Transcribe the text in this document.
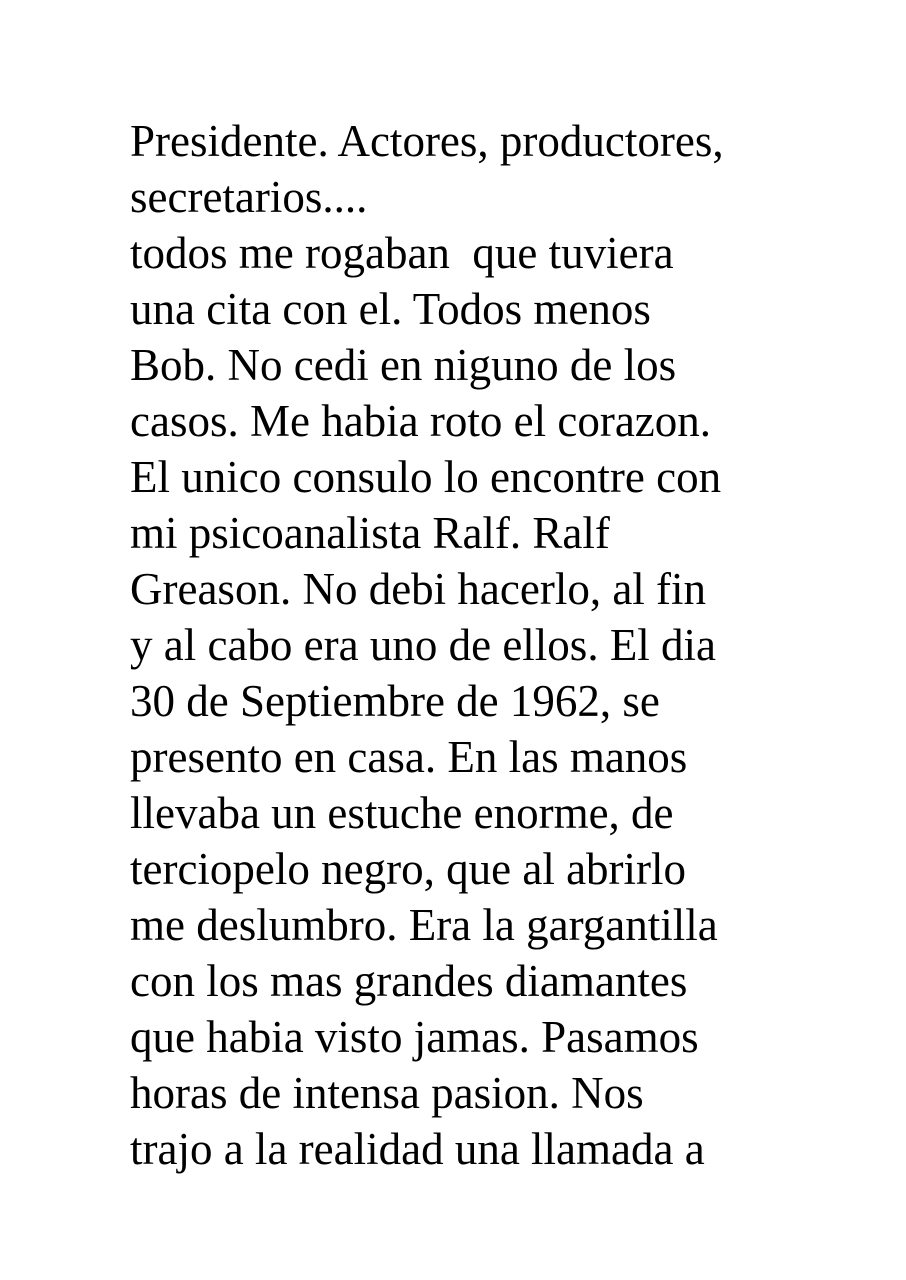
Presidente. Actores, productores,
secretarios....
todos me rogaban  que tuviera
una cita con el. Todos menos
Bob. No cedi en niguno de los
casos. Me habia roto el corazon.
El unico consulo lo encontre con
mi psicoanalista Ralf. Ralf
Greason. No debi hacerlo, al fin
y al cabo era uno de ellos. El dia
30 de Septiembre de 1962, se
presento en casa. En las manos
llevaba un estuche enorme, de
terciopelo negro, que al abrirlo
me deslumbro. Era la gargantilla
con los mas grandes diamantes
que habia visto jamas. Pasamos
horas de intensa pasion. Nos
trajo a la realidad una llamada a
